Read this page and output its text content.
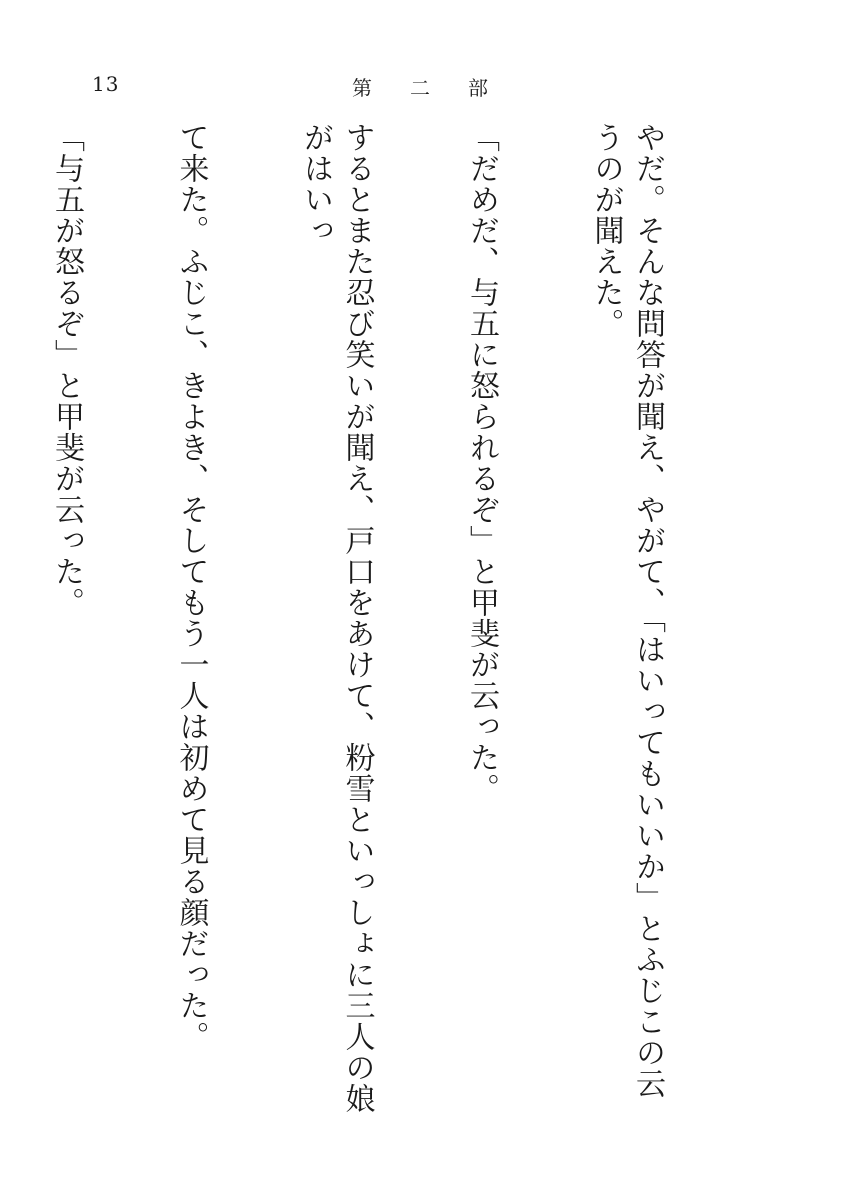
13	第 二 部

やだ。そんな問答が聞え、やがて、「はいってもいいか」とふじこの云うのが聞えた。

「だめだ、与五に怒られるぞ」と甲斐が云った。

するとまた忍び笑いが聞え、戸口をあけて、粉雪といっしょに三人の娘がはいっ

て来た。ふじこ、きよき、そしてもう一人は初めて見る顔だった。

「与五が怒るぞ」と甲斐が云った。
